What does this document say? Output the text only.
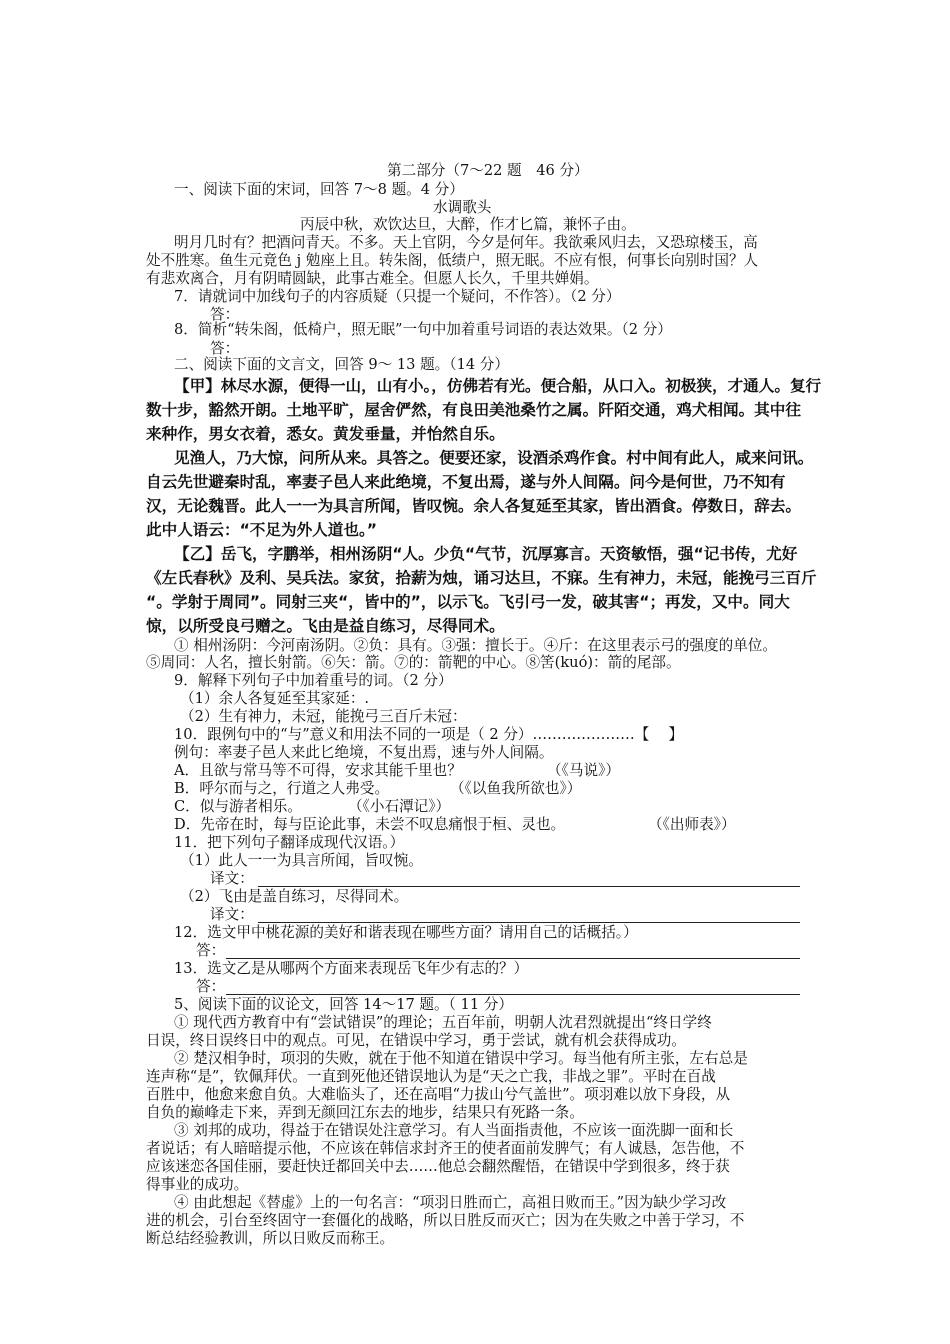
第二部分（7～22 题　46 分）
一、阅读下面的宋词，回答 7～8 题。4 分）
水调歌头
丙辰中秋，欢饮达旦，大醉，作才匕篇，兼怀子由。
明月几时有？把酒问青天。不多。天上官阴，今夕是何年。我欲乘风归去，又恐琼楼玉，高
处不胜寒。鱼生元竟色 j 勉座上且。转朱阁，低绩户，照无眠。不应有恨，何事长向别时国？人
有悲欢离合，月有阴晴圆缺，此事古难全。但愿人长久，千里共婵娟。
7．请就词中加线句子的内容质疑（只提一个疑问，不作答）。（2 分）
答：
8．简析“转朱阁，低椅户，照无眠”一句中加着重号词语的表达效果。（2 分）
答：
二、阅读下面的文言文，回答 9～ 13 题。（14 分）
【甲】林尽水源，便得一山，山有小。，仿佛若有光。便合船，从口入。初极狭，才通人。复行
数十步，豁然开朗。土地平旷，屋舍俨然，有良田美池桑竹之属。阡陌交通，鸡犬相闻。其中往
来种作，男女衣着，悉女。黄发垂量，并怡然自乐。
见渔人，乃大惊，问所从来。具答之。便要还家，设酒杀鸡作食。村中间有此人，咸来问讯。
自云先世避秦时乱，率妻子邑人来此绝境，不复出焉，遂与外人间隔。问今是何世，乃不知有
汉，无论魏晋。此人一一为具言所闻，皆叹惋。余人各复延至其家，皆出酒食。停数日，辞去。
此中人语云：“不足为外人道也。”
【乙】岳飞，字鹏举，相州汤阴“人。少负“气节，沉厚寡言。天资敏悟，强“记书传，尤好
《左氏春秋》及利、吴兵法。家贫，拾薪为烛，诵习达旦，不寐。生有神力，未冠，能挽弓三百斤
“。学射于周同”。同射三夹“，皆中的”，以示飞。飞引弓一发，破其害“；再发，又中。同大
惊，以所受良弓赠之。飞由是益自练习，尽得同术。
① 相州汤阴：今河南汤阴。②负：具有。③强：擅长于。④斤：在这里表示弓的强度的单位。
⑤周同：人名，擅长射箭。⑥矢：箭。⑦的：箭靶的中心。⑧筈(kuó)：箭的尾部。
9．解释下列句子中加着重号的词。（2 分）
（1）余人各复延至其家延：.
（2）生有神力，未冠，能挽弓三百斤未冠：
10．跟例句中的“与”意义和用法不同的一项是（ 2 分）…………………【　 】
例句：率妻子邑人来此匕绝境，不复出焉，速与外人间隔。
A．且欲与常马等不可得，安求其能千里也？	（《马说》）
B．呼尔而与之，行道之人弗受。	（《以鱼我所欲也》）
C．似与游者相乐。	（《小石潭记》）
D．先帝在时，每与臣论此事，未尝不叹息痛恨于桓、灵也。	（《出师表》）
11．把下列句子翻译成现代汉语。）
（1）此人一一为具言所闻，旨叹惋。
译文：
（2）飞由是盖自练习，尽得同术。
译文：
12．选文甲中桃花源的美好和谐表现在哪些方面？请用自己的话概括。）
答：
13．选文乙是从哪两个方面来表现岳飞年少有志的？）
答：
5、阅读下面的议论文，回答 14～17 题。（ 11 分）
① 现代西方教育中有“尝试错误”的理论；五百年前，明朝人沈君烈就提出“终日学终
日误，终日误终日中的观点。可见，在错误中学习，勇于尝试，就有机会获得成功。
② 楚汉相争时，项羽的失败，就在于他不知道在错误中学习。每当他有所主张，左右总是
连声称“是”，钦佩拜伏。一直到死他还错误地认为是“天之亡我，非战之罪”。平时在百战
百胜中，他愈来愈自负。大难临头了，还在高唱“力拔山兮气盖世”。项羽难以放下身段，从
自负的巅峰走下来，弄到无颜回江东去的地步，结果只有死路一条。
③ 刘邦的成功，得益于在错误处注意学习。有人当面指责他，不应该一面洗脚一面和长
者说话；有人暗暗提示他，不应该在韩信求封齐王的使者面前发脾气；有人诚恳，怎告他，不
应该迷恋各国佳丽，要赶快迁都回关中去……他总会翻然醒悟，在错误中学到很多，终于获
得事业的成功。
④ 由此想起《替虚》上的一句名言：“项羽日胜而亡，高祖日败而王。”因为缺少学习改
进的机会，引台至终固守一套僵化的战略，所以日胜反而灭亡；因为在失败之中善于学习，不
断总结经验教训，所以日败反而称王。
